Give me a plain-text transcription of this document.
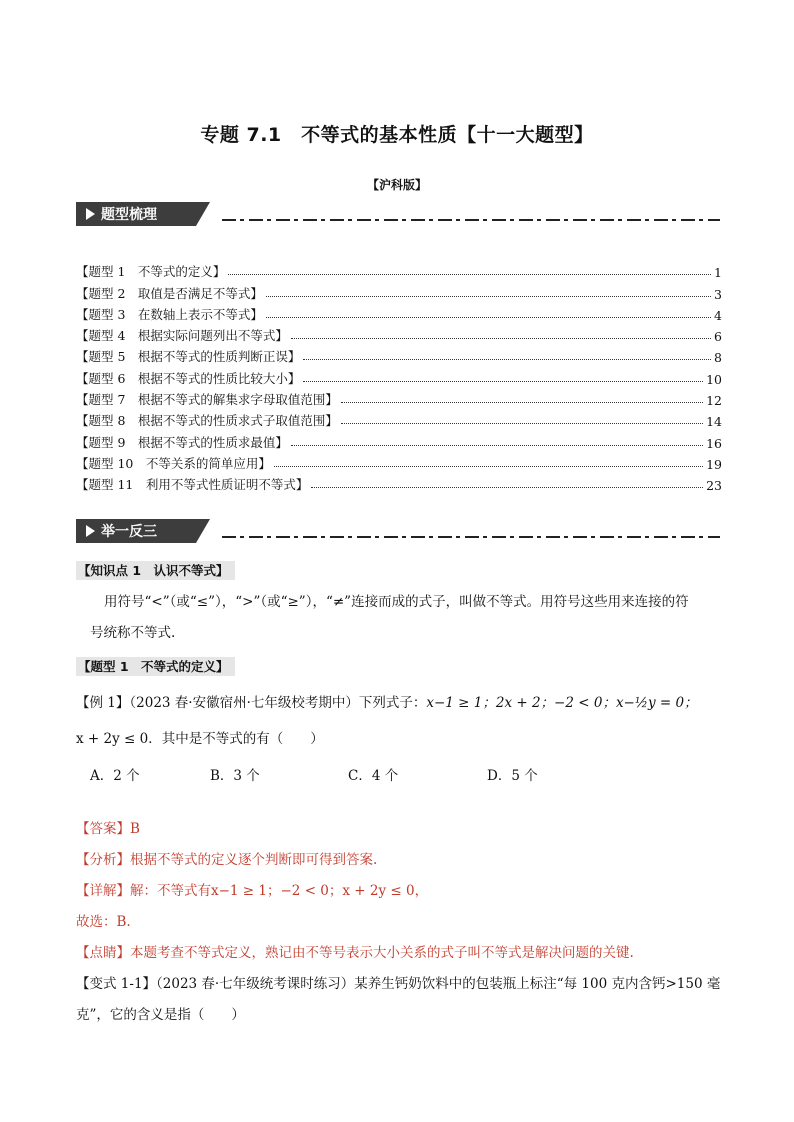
专题 7.1　不等式的基本性质【十一大题型】
【沪科版】
题型梳理
【题型 1　不等式的定义】	1
【题型 2　取值是否满足不等式】	3
【题型 3　在数轴上表示不等式】	4
【题型 4　根据实际问题列出不等式】	6
【题型 5　根据不等式的性质判断正误】	8
【题型 6　根据不等式的性质比较大小】	10
【题型 7　根据不等式的解集求字母取值范围】	12
【题型 8　根据不等式的性质求式子取值范围】	14
【题型 9　根据不等式的性质求最值】	16
【题型 10　不等关系的简单应用】	19
【题型 11　利用不等式性质证明不等式】	23
举一反三
【知识点 1　认识不等式】
用符号“<”（或“≤”），“>”（或“≥”），“≠”连接而成的式子，叫做不等式。用符号这些用来连接的符
号统称不等式.
【题型 1　不等式的定义】
【例 1】（2023 春·安徽宿州·七年级校考期中）下列式子：x−1 ≥ 1；2x + 2；−2 < 0；x−½y = 0；
x + 2y ≤ 0．其中是不等式的有（　　）
A．2 个	B．3 个	C．4 个	D．5 个
【答案】B
【分析】根据不等式的定义逐个判断即可得到答案.
【详解】解：不等式有x−1 ≥ 1；−2 < 0；x + 2y ≤ 0，
故选：B.
【点睛】本题考查不等式定义，熟记由不等号表示大小关系的式子叫不等式是解决问题的关键.
【变式 1-1】（2023 春·七年级统考课时练习）某养生钙奶饮料中的包装瓶上标注“每 100 克内含钙>150 毫
克”，它的含义是指（　　）
